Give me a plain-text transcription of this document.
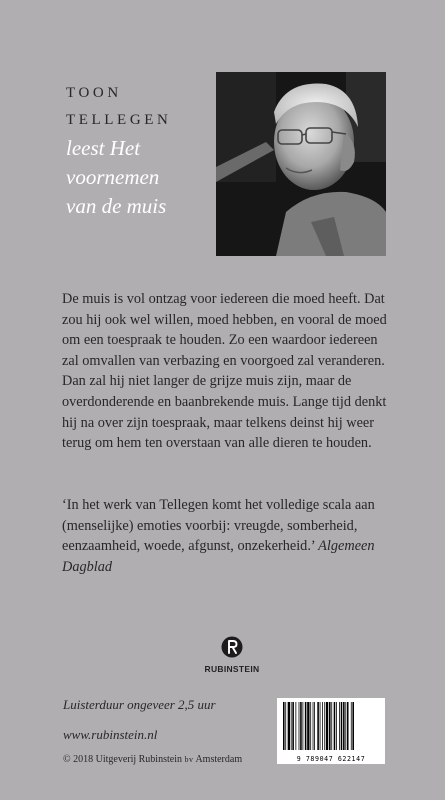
TOON
TELLEGEN
leest Het
voornemen
van de muis
De muis is vol ontzag voor iedereen die moed heeft. Dat zou hij ook wel willen, moed hebben, en vooral de moed om een toespraak te houden. Zo een waardoor iedereen zal omvallen van verbazing en voorgoed zal veranderen. Dan zal hij niet langer de grijze muis zijn, maar de overdonderende en baanbrekende muis. Lange tijd denkt hij na over zijn toespraak, maar telkens deinst hij weer terug om hem ten overstaan van alle dieren te houden.
‘In het werk van Tellegen komt het volledige scala aan (menselijke) emoties voorbij: vreugde, somberheid, eenzaamheid, woede, afgunst, onzekerheid.’ Algemeen Dagblad
RUBINSTEIN
Luisterduur ongeveer 2,5 uur
www.rubinstein.nl
© 2018 Uitgeverij Rubinstein bv Amsterdam	9 789047 622147
